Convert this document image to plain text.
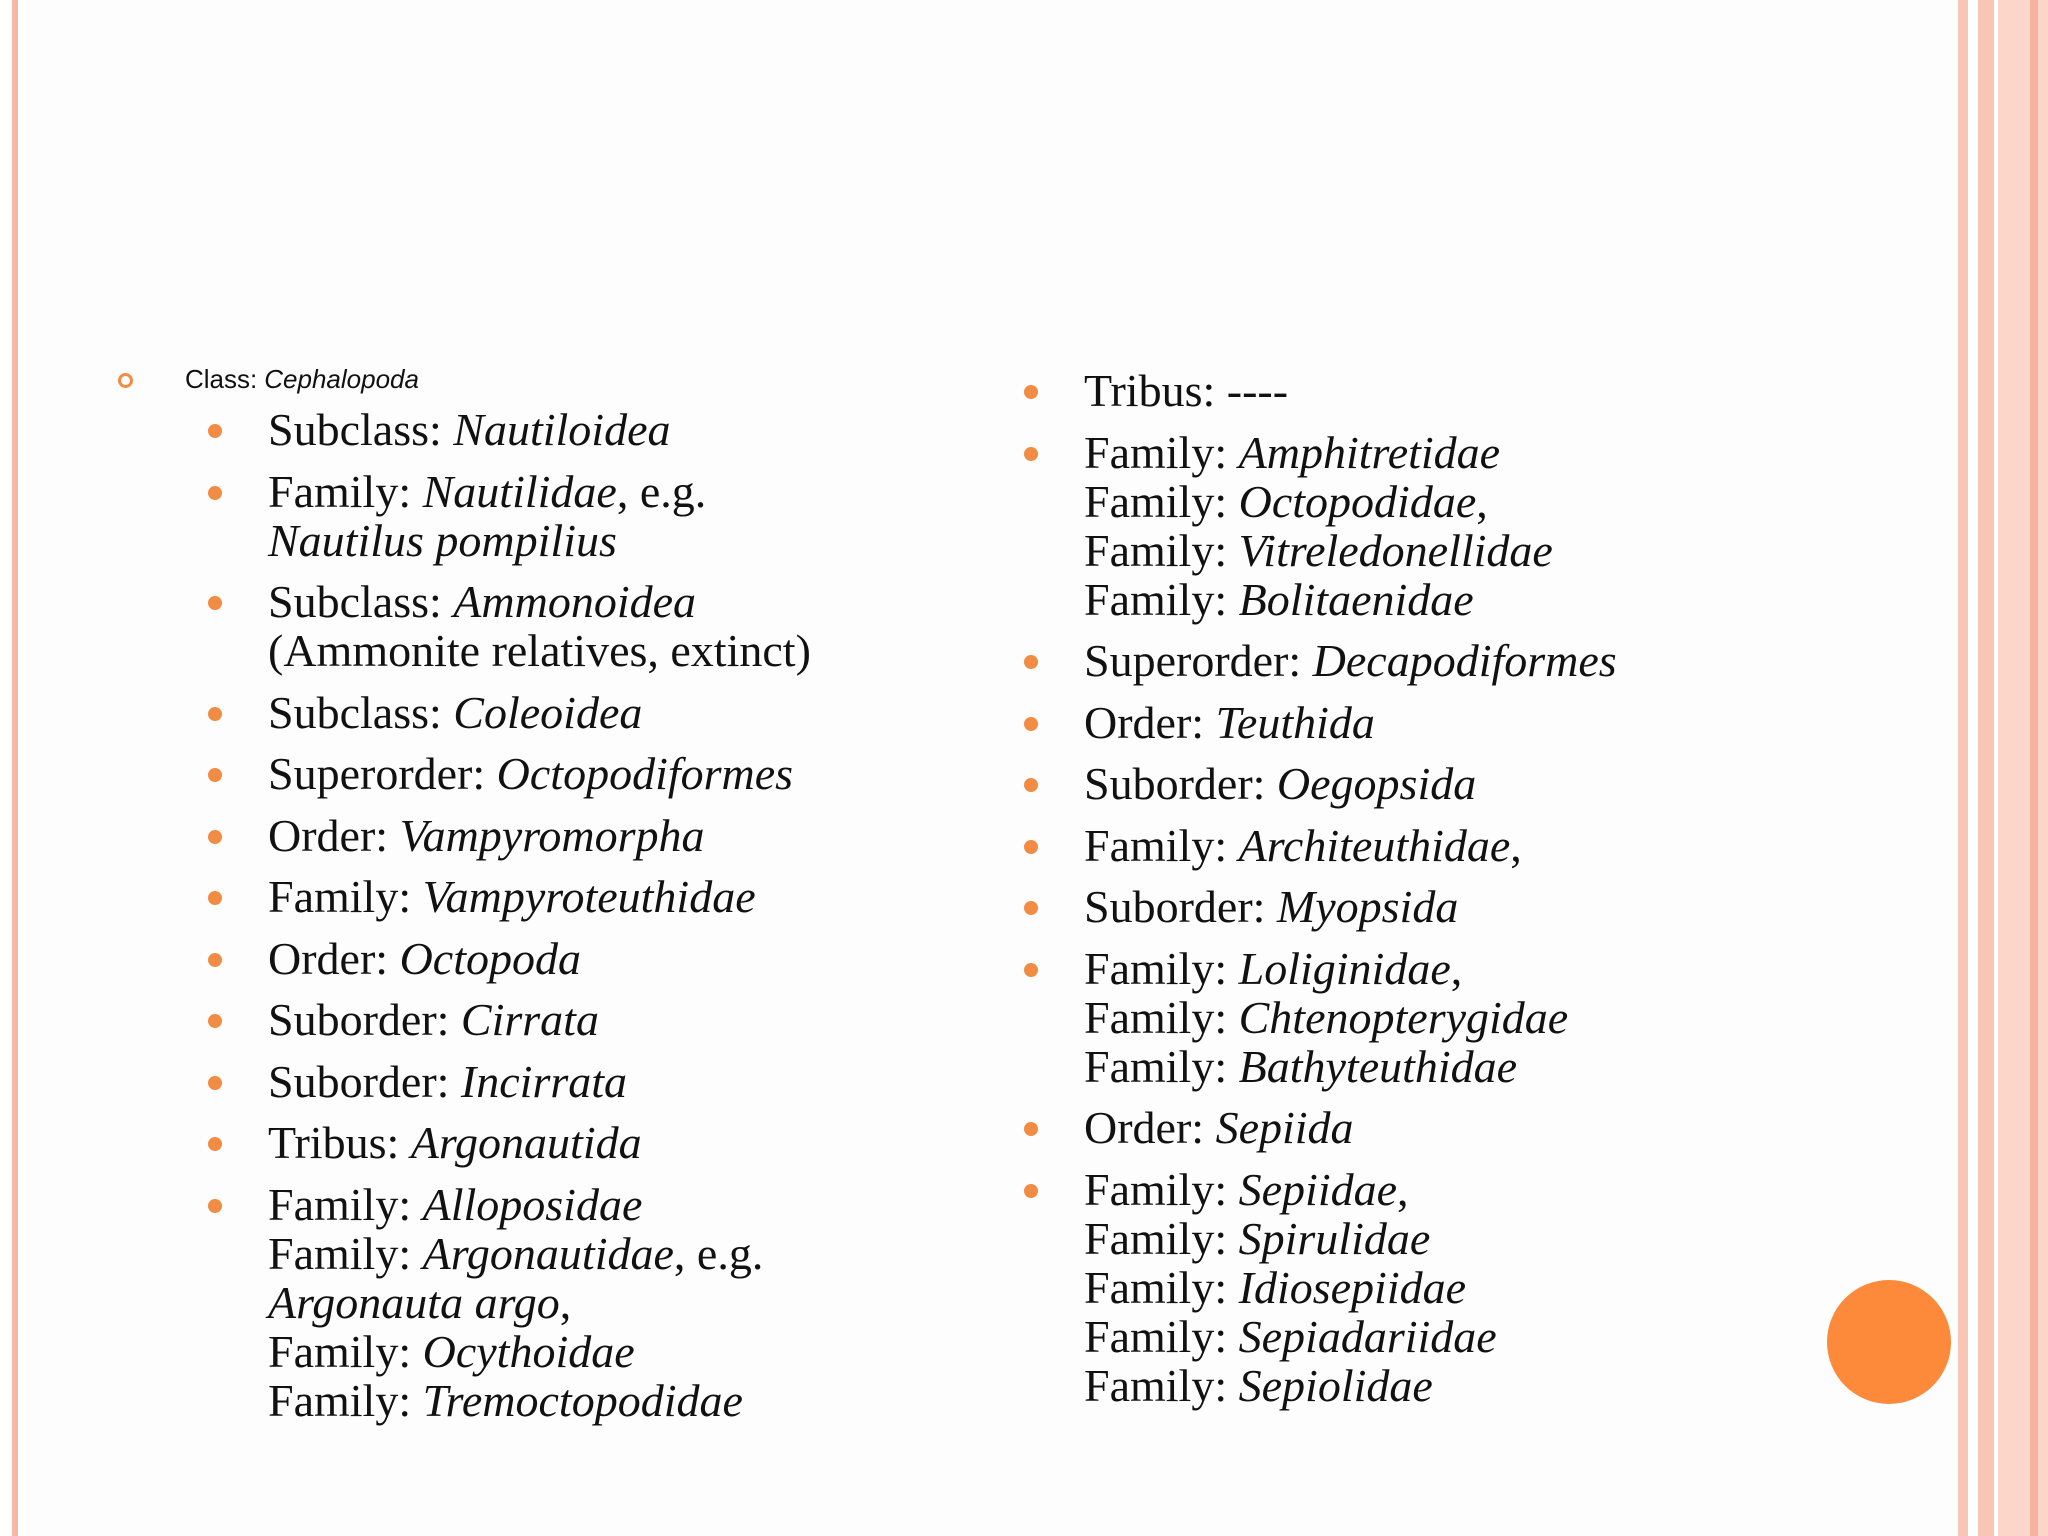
Class: Cephalopoda
Subclass: Nautiloidea
Family: Nautilidae, e.g.
Nautilus pompilius
Subclass: Ammonoidea
(Ammonite relatives, extinct)
Subclass: Coleoidea
Superorder: Octopodiformes
Order: Vampyromorpha
Family: Vampyroteuthidae
Order: Octopoda
Suborder: Cirrata
Suborder: Incirrata
Tribus: Argonautida
Family: Alloposidae
Family: Argonautidae, e.g.
Argonauta argo,
Family: Ocythoidae
Family: Tremoctopodidae
Tribus: ----
Family: Amphitretidae
Family: Octopodidae,
Family: Vitreledonellidae
Family: Bolitaenidae
Superorder: Decapodiformes
Order: Teuthida
Suborder: Oegopsida
Family: Architeuthidae,
Suborder: Myopsida
Family: Loliginidae,
Family: Chtenopterygidae
Family: Bathyteuthidae
Order: Sepiida
Family: Sepiidae,
Family: Spirulidae
Family: Idiosepiidae
Family: Sepiadariidae
Family: Sepiolidae
